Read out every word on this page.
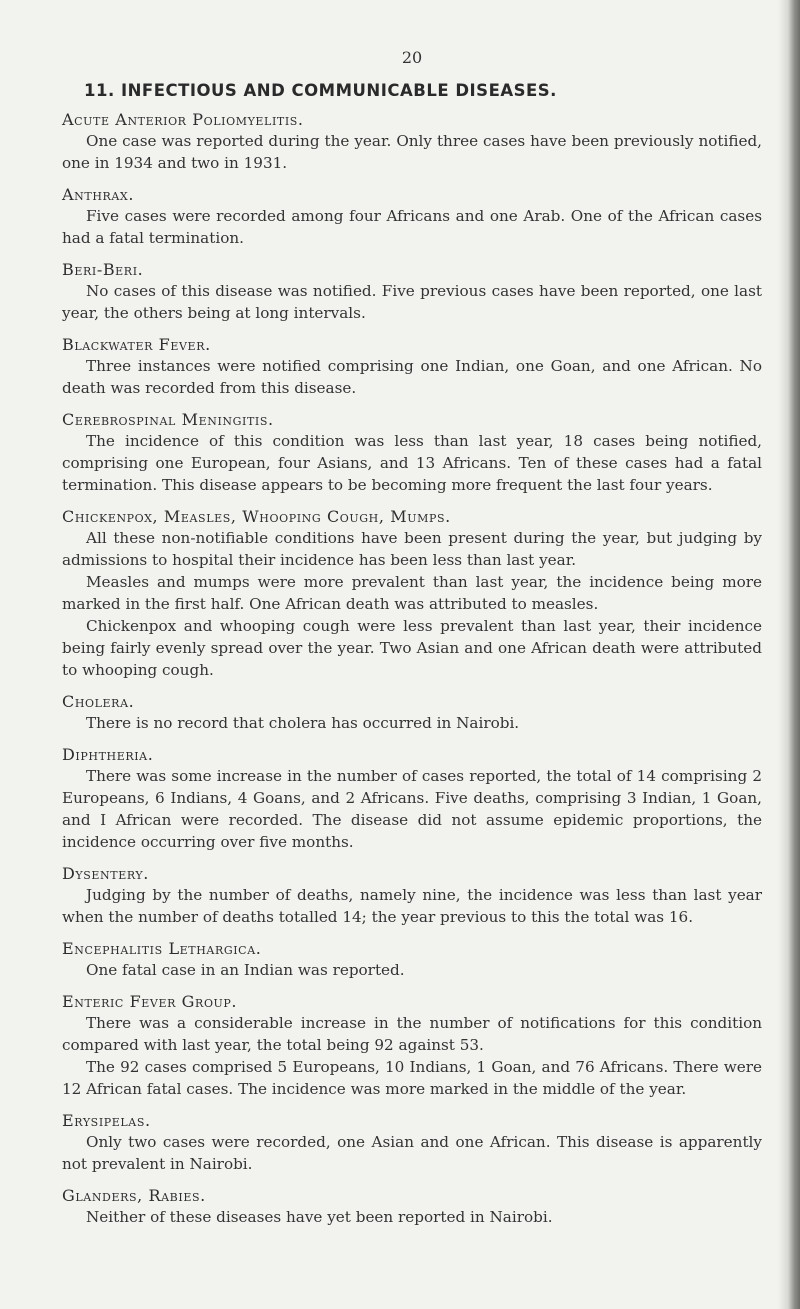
20
11. INFECTIOUS AND COMMUNICABLE DISEASES.
Acute Anterior Poliomyelitis.

One case was reported during the year. Only three cases have been previously notified, one in 1934 and two in 1931.

Anthrax.

Five cases were recorded among four Africans and one Arab. One of the African cases had a fatal termination.

Beri-Beri.

No cases of this disease was notified. Five previous cases have been reported, one last year, the others being at long intervals.

Blackwater Fever.

Three instances were notified comprising one Indian, one Goan, and one African. No death was recorded from this disease.

Cerebrospinal Meningitis.

The incidence of this condition was less than last year, 18 cases being notified, comprising one European, four Asians, and 13 Africans. Ten of these cases had a fatal termination. This disease appears to be becoming more frequent the last four years.

Chickenpox, Measles, Whooping Cough, Mumps.

All these non-notifiable conditions have been present during the year, but judging by admissions to hospital their incidence has been less than last year.

Measles and mumps were more prevalent than last year, the incidence being more marked in the first half. One African death was attributed to measles.

Chickenpox and whooping cough were less prevalent than last year, their incidence being fairly evenly spread over the year. Two Asian and one African death were attributed to whooping cough.

Cholera.

There is no record that cholera has occurred in Nairobi.

Diphtheria.

There was some increase in the number of cases reported, the total of 14 comprising 2 Europeans, 6 Indians, 4 Goans, and 2 Africans. Five deaths, comprising 3 Indian, 1 Goan, and I African were recorded. The disease did not assume epidemic proportions, the incidence occurring over five months.

Dysentery.

Judging by the number of deaths, namely nine, the incidence was less than last year when the number of deaths totalled 14; the year previous to this the total was 16.

Encephalitis Lethargica.

One fatal case in an Indian was reported.

Enteric Fever Group.

There was a considerable increase in the number of notifications for this condition compared with last year, the total being 92 against 53.

The 92 cases comprised 5 Europeans, 10 Indians, 1 Goan, and 76 Africans. There were 12 African fatal cases. The incidence was more marked in the middle of the year.

Erysipelas.

Only two cases were recorded, one Asian and one African. This disease is apparently not prevalent in Nairobi.

Glanders, Rabies.

Neither of these diseases have yet been reported in Nairobi.
